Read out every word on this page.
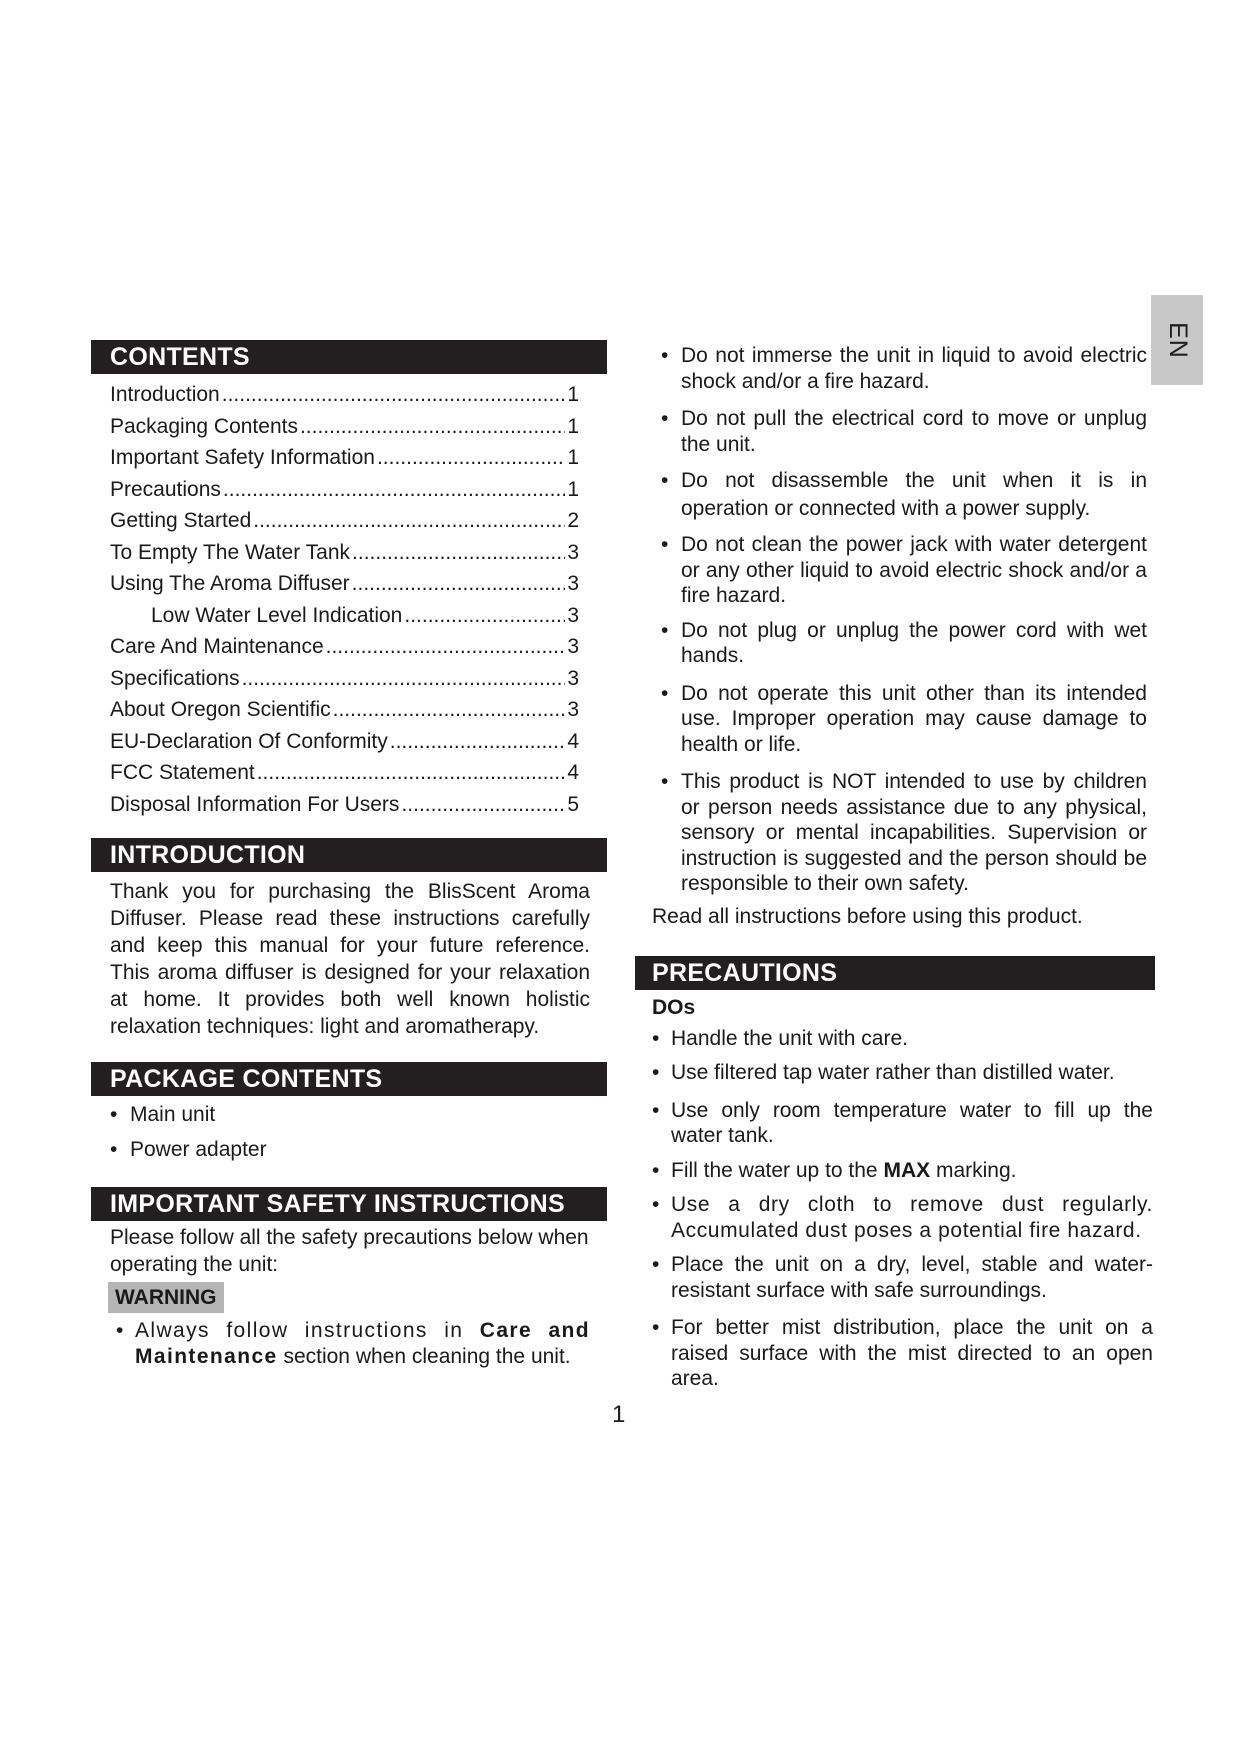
EN
CONTENTS
Introduction .....	1
Packaging Contents .....	1
Important Safety Information .....	1
Precautions .....	1
Getting Started .....	2
To Empty The Water Tank .....	3
Using The Aroma Diffuser .....	3
Low Water Level Indication .....	3
Care And Maintenance .....	3
Specifications .....	3
About Oregon Scientific .....	3
EU-Declaration Of Conformity .....	4
FCC Statement .....	4
Disposal Information For Users .....	5
INTRODUCTION

Thank you for purchasing the BlisScent Aroma Diffuser. Please read these instructions carefully and keep this manual for your future reference. This aroma diffuser is designed for your relaxation at home. It provides both well known holistic relaxation techniques: light and aromatherapy.

PACKAGE CONTENTS
• Main unit
• Power adapter
IMPORTANT SAFETY INSTRUCTIONS

Please follow all the safety precautions below when operating the unit:

WARNING
• Always follow instructions in Care and Maintenance section when cleaning the unit.
• Do not immerse the unit in liquid to avoid electric shock and/or a fire hazard.
• Do not pull the electrical cord to move or unplug the unit.
• Do not disassemble the unit when it is in operation or connected with a power supply.
• Do not clean the power jack with water detergent or any other liquid to avoid electric shock and/or a fire hazard.
• Do not plug or unplug the power cord with wet hands.
• Do not operate this unit other than its intended use. Improper operation may cause damage to health or life.
• This product is NOT intended to use by children or person needs assistance due to any physical, sensory or mental incapabilities. Supervision or instruction is suggested and the person should be responsible to their own safety.

Read all instructions before using this product.

PRECAUTIONS
DOs
• Handle the unit with care.
• Use filtered tap water rather than distilled water.
• Use only room temperature water to fill up the water tank.
• Fill the water up to the MAX marking.
• Use a dry cloth to remove dust regularly. Accumulated dust poses a potential fire hazard.
• Place the unit on a dry, level, stable and water-resistant surface with safe surroundings.
• For better mist distribution, place the unit on a raised surface with the mist directed to an open area.
1
